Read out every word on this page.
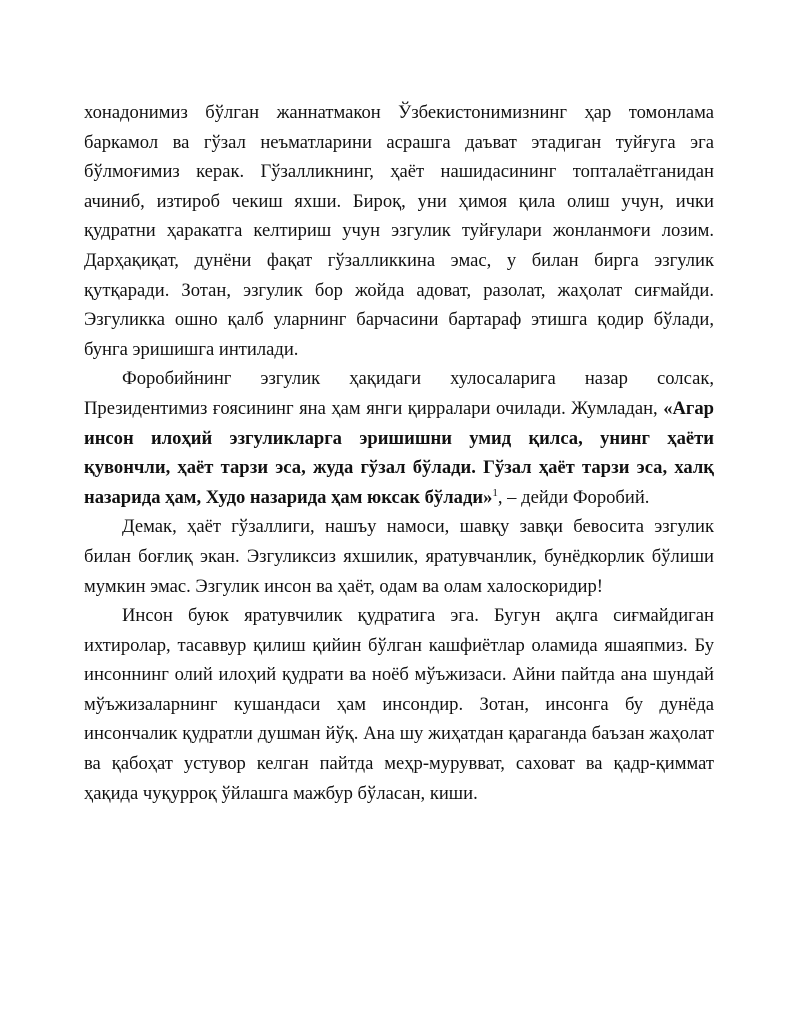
хонадонимиз бўлган жаннатмакон Ўзбекистонимизнинг ҳар томонлама баркамол ва гўзал неъматларини асрашга даъват этадиган туйғуга эга бўлмоғимиз керак. Гўзалликнинг, ҳаёт нашидасининг топталаётганидан ачиниб, изтироб чекиш яхши. Бироқ, уни ҳимоя қила олиш учун, ички қудратни ҳаракатга келтириш учун эзгулик туйғулари жонланмоғи лозим. Дарҳақиқат, дунёни фақат гўзалликкина эмас, у билан бирга эзгулик қутқаради. Зотан, эзгулик бор жойда адоват, разолат, жаҳолат сиғмайди. Эзгуликка ошно қалб уларнинг барчасини бартараф этишга қодир бўлади, бунга эришишга интилади.

Форобийнинг эзгулик ҳақидаги хулосаларига назар солсак, Президентимиз ғоясининг яна ҳам янги қирралари очилади. Жумладан, «Агар инсон илоҳий эзгуликларга эришишни умид қилса, унинг ҳаёти қувончли, ҳаёт тарзи эса, жуда гўзал бўлади. Гўзал ҳаёт тарзи эса, халқ назарида ҳам, Худо назарида ҳам юксак бўлади»$^1$, – дейди Форобий.

Демак, ҳаёт гўзаллиги, нашъу намоси, шавқу завқи бевосита эзгулик билан боғлиқ экан. Эзгуликсиз яхшилик, яратувчанлик, бунёдкорлик бўлиши мумкин эмас. Эзгулик инсон ва ҳаёт, одам ва олам халоскоридир!

Инсон буюк яратувчилик қудратига эга. Бугун ақлга сиғмайдиган ихтиролар, тасаввур қилиш қийин бўлган кашфиётлар оламида яшаяпмиз. Бу инсоннинг олий илоҳий қудрати ва ноёб мўъжизаси. Айни пайтда ана шундай мўъжизаларнинг кушандаси ҳам инсондир. Зотан, инсонга бу дунёда инсончалик қудратли душман йўқ. Ана шу жиҳатдан қараганда баъзан жаҳолат ва қабоҳат устувор келган пайтда меҳр-мурувват, саховат ва қадр-қиммат ҳақида чуқурроқ ўйлашга мажбур бўласан, киши.
